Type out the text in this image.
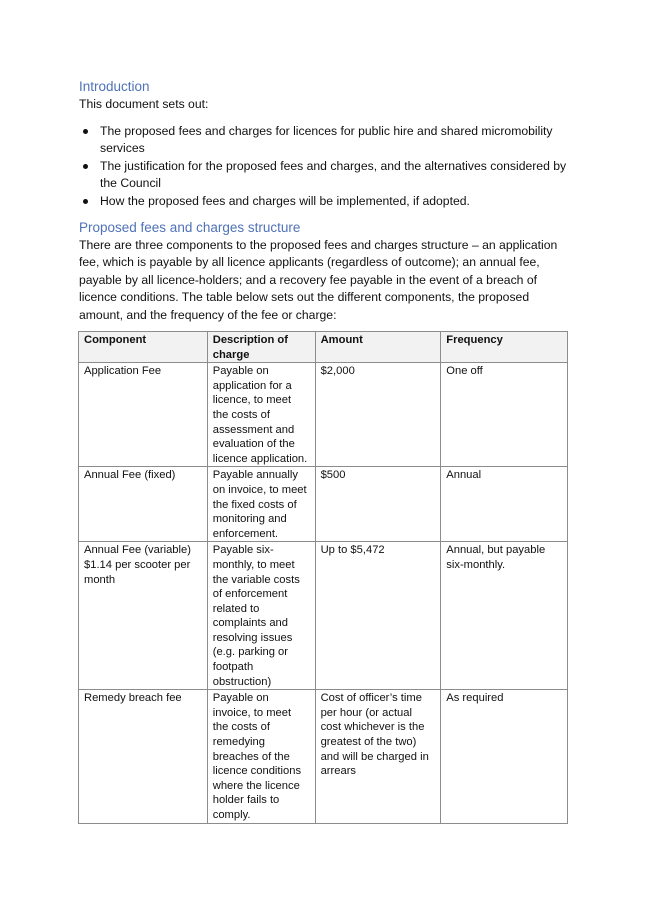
Introduction

This document sets out:

The proposed fees and charges for licences for public hire and shared micromobility services
The justification for the proposed fees and charges, and the alternatives considered by the Council
How the proposed fees and charges will be implemented, if adopted.
Proposed fees and charges structure

There are three components to the proposed fees and charges structure – an application fee, which is payable by all licence applicants (regardless of outcome); an annual fee, payable by all licence-holders; and a recovery fee payable in the event of a breach of licence conditions. The table below sets out the different components, the proposed amount, and the frequency of the fee or charge:

Component	Description of charge	Amount	Frequency
Application Fee	Payable on application for a licence, to meet the costs of assessment and evaluation of the licence application.	$2,000	One off
Annual Fee (fixed)	Payable annually on invoice, to meet the fixed costs of monitoring and enforcement.	$500	Annual
Annual Fee (variable) $1.14 per scooter per month	Payable six-monthly, to meet the variable costs of enforcement related to complaints and resolving issues (e.g. parking or footpath obstruction)	Up to $5,472	Annual, but payable six-monthly.
Remedy breach fee	Payable on invoice, to meet the costs of remedying breaches of the licence conditions where the licence holder fails to comply.	Cost of officer’s time per hour (or actual cost whichever is the greatest of the two) and will be charged in arrears	As required
